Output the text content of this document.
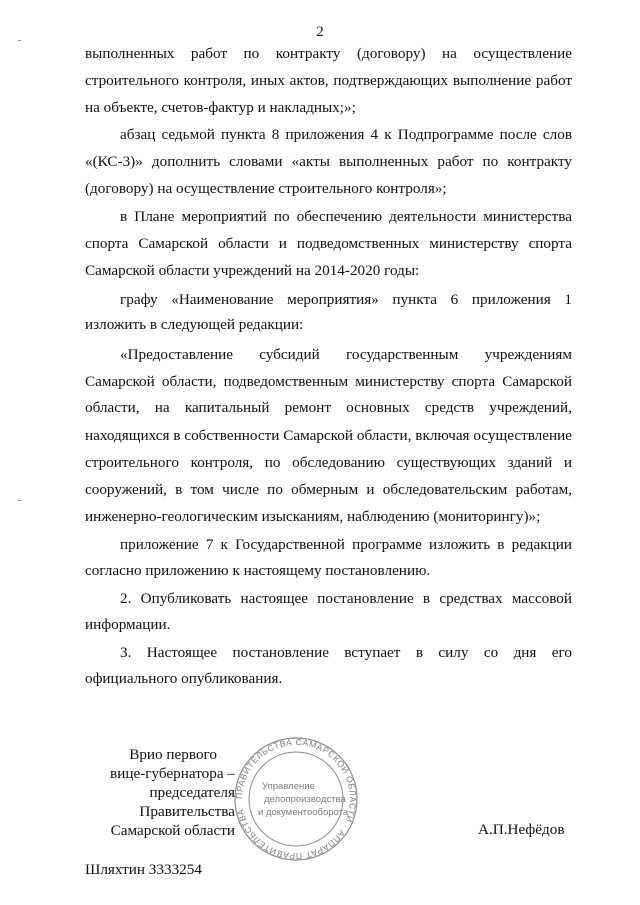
2
выполненных работ по контракту (договору) на осуществление
строительного контроля, иных актов, подтверждающих выполнение работ
на объекте, счетов-фактур и накладных;»;
абзац седьмой пункта 8 приложения 4 к Подпрограмме после слов
«(КС-3)» дополнить словами «акты выполненных работ по контракту
(договору) на осуществление строительного контроля»;
в Плане мероприятий по обеспечению деятельности министерства
спорта Самарской области и подведомственных министерству спорта
Самарской области учреждений на 2014-2020 годы:
графу «Наименование мероприятия» пункта 6 приложения 1
изложить в следующей редакции:
«Предоставление субсидий государственным учреждениям
Самарской области, подведомственным министерству спорта Самарской
области, на капитальный ремонт основных средств учреждений,
находящихся в собственности Самарской области, включая осуществление
строительного контроля, по обследованию существующих зданий и
сооружений, в том числе по обмерным и обследовательским работам,
инженерно-геологическим изысканиям, наблюдению (мониторингу)»;
приложение 7 к Государственной программе изложить в редакции
согласно приложению к настоящему постановлению.
2. Опубликовать настоящее постановление в средствах массовой
информации.
3. Настоящее постановление вступает в силу со дня его
официального опубликования.
ПРАВИТЕЛЬСТВА САМАРСКОЙ ОБЛАСТИ · АППАРАТ ПРАВИТЕЛЬСТВА
Управление
делопроизводства
и документооборота
Врио первого
вице-губернатора –
председателя Правительства
Самарской области	А.П.Нефёдов
Шляхтин 3333254
